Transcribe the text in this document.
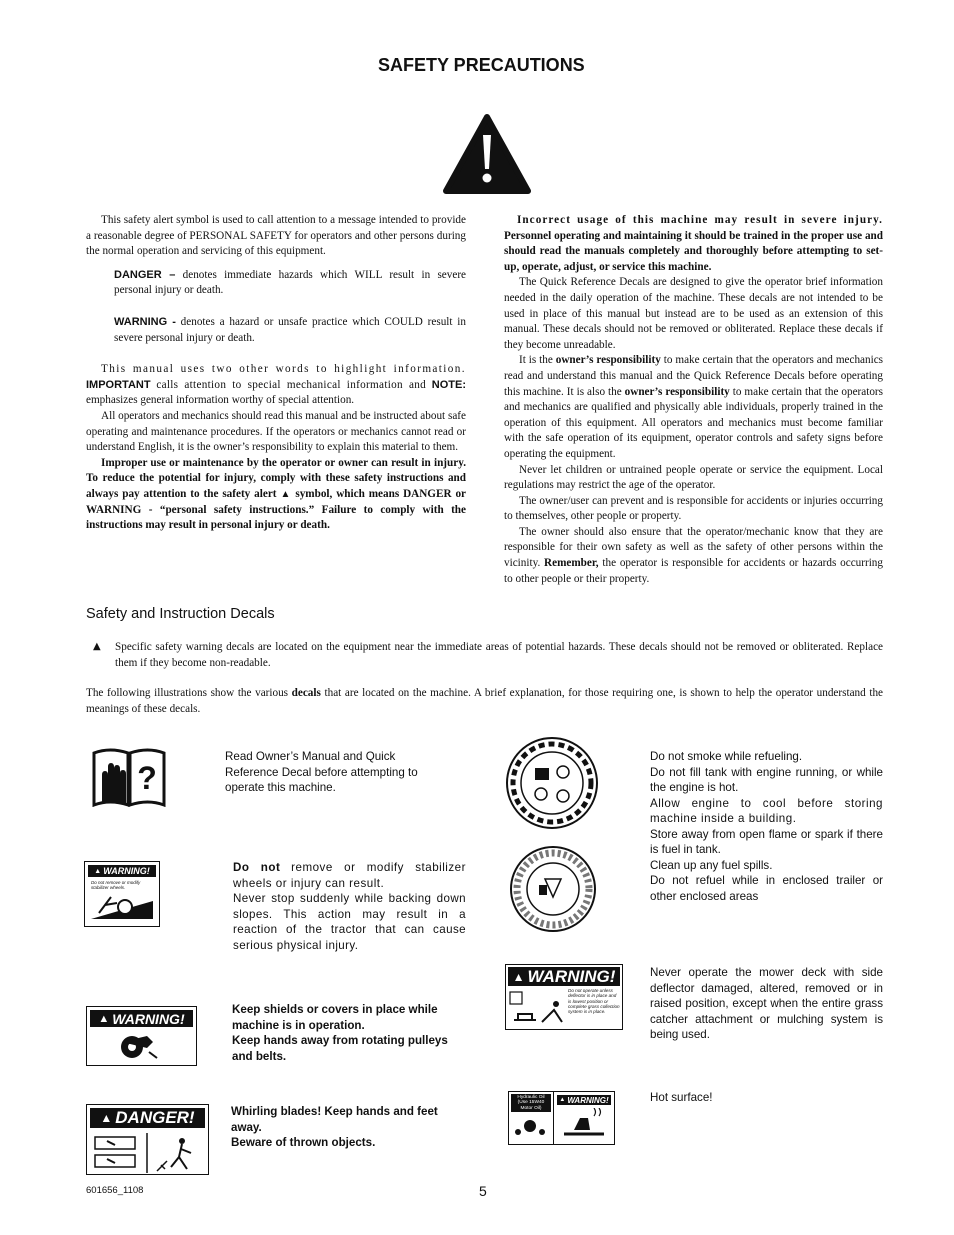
SAFETY PRECAUTIONS

This safety alert symbol is used to call attention to a message intended to provide a reasonable degree of PERSONAL SAFETY for operators and other persons during the normal operation and servicing of this equipment.

DANGER – denotes immediate hazards which WILL result in severe personal injury or death.

WARNING - denotes a hazard or unsafe practice which COULD result in severe personal injury or death.

This manual uses two other words to highlight information. IMPORTANT calls attention to special mechanical information and NOTE: emphasizes general information worthy of special attention.

All operators and mechanics should read this manual and be instructed about safe operating and maintenance procedures. If the operators or mechanics cannot read or understand English, it is the owner’s responsibility to explain this material to them.

Improper use or maintenance by the operator or owner can result in injury. To reduce the potential for injury, comply with these safety instructions and always pay attention to the safety alert ▲ symbol, which means DANGER or WARNING - “personal safety instructions.” Failure to comply with the instructions may result in personal injury or death.

Incorrect usage of this machine may result in severe injury. Personnel operating and maintaining it should be trained in the proper use and should read the manuals completely and thoroughly before attempting to set-up, operate, adjust, or service this machine.

The Quick Reference Decals are designed to give the operator brief information needed in the daily operation of the machine. These decals are not intended to be used in place of this manual but instead are to be used as an extension of this manual. These decals should not be removed or obliterated. Replace these decals if they become unreadable.

It is the owner’s responsibility to make certain that the operators and mechanics read and understand this manual and the Quick Reference Decals before operating this machine. It is also the owner’s responsibility to make certain that the operators and mechanics are qualified and physically able individuals, properly trained in the operation of this equipment. All operators and mechanics must become familiar with the safe operation of its equipment, operator controls and safety signs before operating the equipment.

Never let children or untrained people operate or service the equipment. Local regulations may restrict the age of the operator.

The owner/user can prevent and is responsible for accidents or injuries occurring to themselves, other people or property.

The owner should also ensure that the operator/mechanic know that they are responsible for their own safety as well as the safety of other persons within the vicinity. Remember, the operator is responsible for accidents or hazards occurring to other people or their property.

Safety and Instruction Decals
▲ Specific safety warning decals are located on the equipment near the immediate areas of potential hazards. These decals should not be removed or obliterated. Replace them if they become non-readable.

The following illustrations show the various decals that are located on the machine. A brief explanation, for those requiring one, is shown to help the operator understand the meanings of these decals.

?

Read Owner’s Manual and Quick Reference Decal before attempting to operate this machine.

▲ WARNING!
Do not remove or modify stabilizer wheels.

Do not remove or modify stabilizer wheels or injury can result.
Never stop suddenly while backing down slopes. This action may result in a reaction of the tractor that can cause serious physical injury.

▲ WARNING!

Keep shields or covers in place while machine is in operation.
Keep hands away from rotating pulleys and belts.

▲ DANGER!	Whirling blades! Keep hands and feet away.
Beware of thrown objects.

Do not smoke while refueling.

Do not fill tank with engine running, or while the engine is hot.

Allow engine to cool before storing machine inside a building.

Store away from open flame or spark if there is fuel in tank.

Clean up any fuel spills.

Do not refuel while in enclosed trailer or other enclosed areas

▲ WARNING!
Do not operate unless deflector is in place and is lowest position or complete grass collection system is in place.

Never operate the mower deck with side deflector damaged, altered, removed or in raised position, except when the entire grass catcher attachment or mulching system is being used.

Hydraulic Oil (Use 15W40 Motor Oil)
▲ WARNING!	Hot surface!

601656_1108	5
